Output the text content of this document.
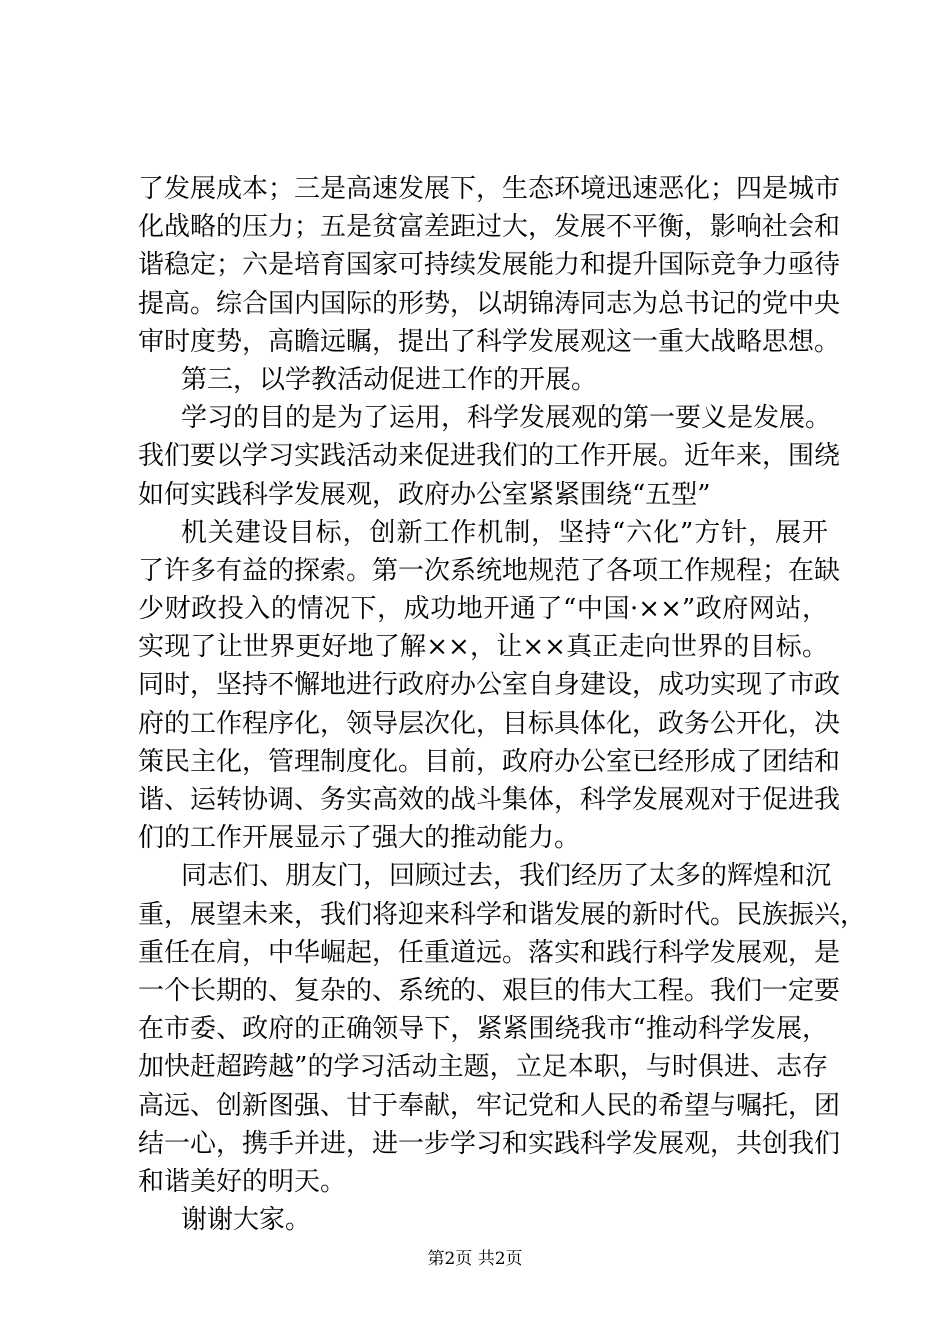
了发展成本；三是高速发展下，生态环境迅速恶化；四是城市
化战略的压力；五是贫富差距过大，发展不平衡，影响社会和
谐稳定；六是培育国家可持续发展能力和提升国际竞争力亟待
提高。综合国内国际的形势，以胡锦涛同志为总书记的党中央
审时度势，高瞻远瞩，提出了科学发展观这一重大战略思想。
第三，以学教活动促进工作的开展。
学习的目的是为了运用，科学发展观的第一要义是发展。
我们要以学习实践活动来促进我们的工作开展。近年来，围绕
如何实践科学发展观，政府办公室紧紧围绕“五型”
机关建设目标，创新工作机制，坚持“六化”方针，展开
了许多有益的探索。第一次系统地规范了各项工作规程；在缺
少财政投入的情况下，成功地开通了“中国·××”政府网站，
实现了让世界更好地了解××，让××真正走向世界的目标。
同时，坚持不懈地进行政府办公室自身建设，成功实现了市政
府的工作程序化，领导层次化，目标具体化，政务公开化，决
策民主化，管理制度化。目前，政府办公室已经形成了团结和
谐、运转协调、务实高效的战斗集体，科学发展观对于促进我
们的工作开展显示了强大的推动能力。
同志们、朋友门，回顾过去，我们经历了太多的辉煌和沉
重，展望未来，我们将迎来科学和谐发展的新时代。民族振兴，
重任在肩，中华崛起，任重道远。落实和践行科学发展观，是
一个长期的、复杂的、系统的、艰巨的伟大工程。我们一定要
在市委、政府的正确领导下，紧紧围绕我市“推动科学发展，
加快赶超跨越”的学习活动主题，立足本职，与时俱进、志存
高远、创新图强、甘于奉献，牢记党和人民的希望与嘱托，团
结一心，携手并进，进一步学习和实践科学发展观，共创我们
和谐美好的明天。
谢谢大家。
第2页 共2页
